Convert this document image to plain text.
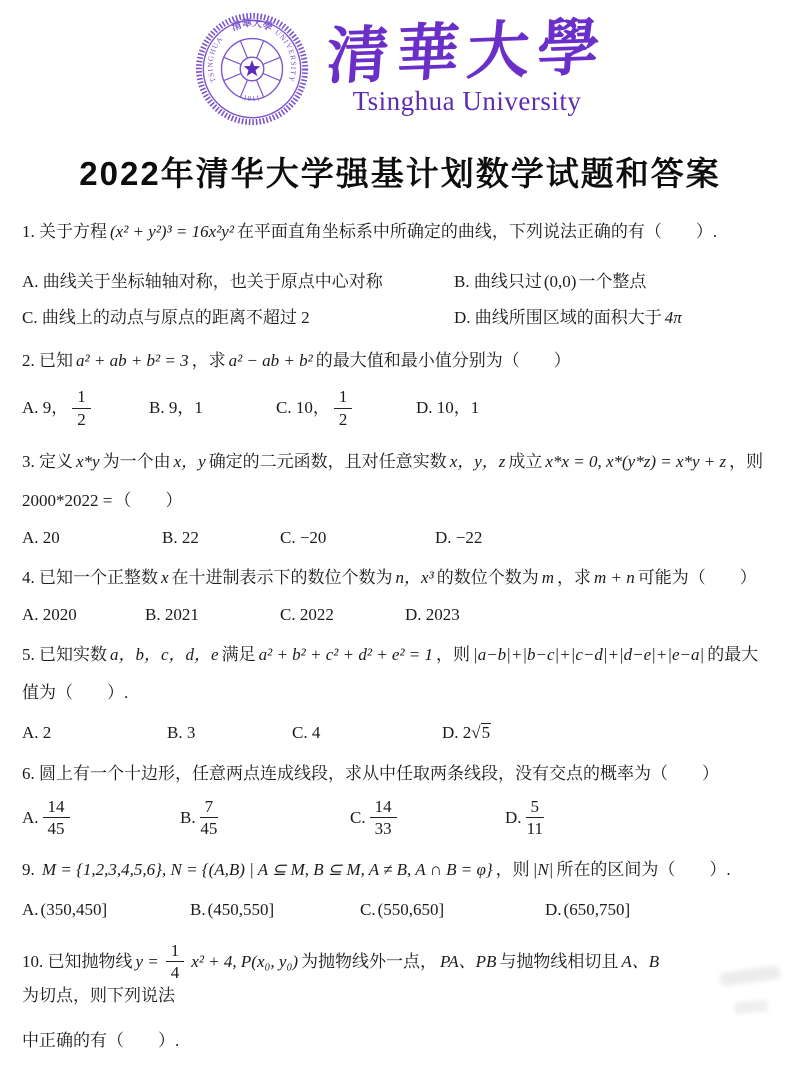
清華大學
TSINGHUA
UNIVERSITY
-1911-
清華大學
Tsinghua University
2022年清华大学强基计划数学试题和答案

1. 关于方程 (x² + y²)³ = 16x²y² 在平面直角坐标系中所确定的曲线，下列说法正确的有（　　）.

A. 曲线关于坐标轴轴对称，也关于原点中心对称	B. 曲线只过 (0,0) 一个整点
C. 曲线上的动点与原点的距离不超过 2	D. 曲线所围区域的面积大于 4π

2. 已知 a² + ab + b² = 3 ，求 a² − ab + b² 的最大值和最小值分别为（　　）

A. 9， $\frac{1}{2}$	B. 9，1	C. 10， $\frac{1}{2}$	D. 10，1

3. 定义 x*y 为一个由 x，y 确定的二元函数，且对任意实数 x，y，z 成立 x*x = 0, x*(y*z) = x*y + z ，则

2000*2022 = （　　）

A. 20	B. 22	C. −20	D. −22

4. 已知一个正整数 x 在十进制表示下的数位个数为 n，x³ 的数位个数为 m ，求 m + n 可能为（　　）

A. 2020	B. 2021	C. 2022	D. 2023

5. 已知实数 a，b，c，d，e 满足 a² + b² + c² + d² + e² = 1 ，则 |a−b|+|b−c|+|c−d|+|d−e|+|e−a| 的最大

值为（　　）.

A. 2	B. 3	C. 4	D. 2√ 5

6. 圆上有一个十边形，任意两点连成线段，求从中任取两条线段，没有交点的概率为（　　）

A. $\frac{14}{45}$	B. $\frac{7}{45}$	C. $\frac{14}{33}$	D. $\frac{5}{11}$

9. M = {1,2,3,4,5,6}, N = {(A,B) | A ⊆ M, B ⊆ M, A ≠ B, A ∩ B = φ} ，则 |N| 所在的区间为（　　）.

A. (350,450]	B. (450,550]	C. (550,650]	D. (650,750]

10. 已知抛物线 $y = \frac{1}{4} x^2 + 4$, P(x₀, y₀) 为抛物线外一点， PA、PB 与抛物线相切且 A、B
为切点，则下列说法

中正确的有（　　）.
